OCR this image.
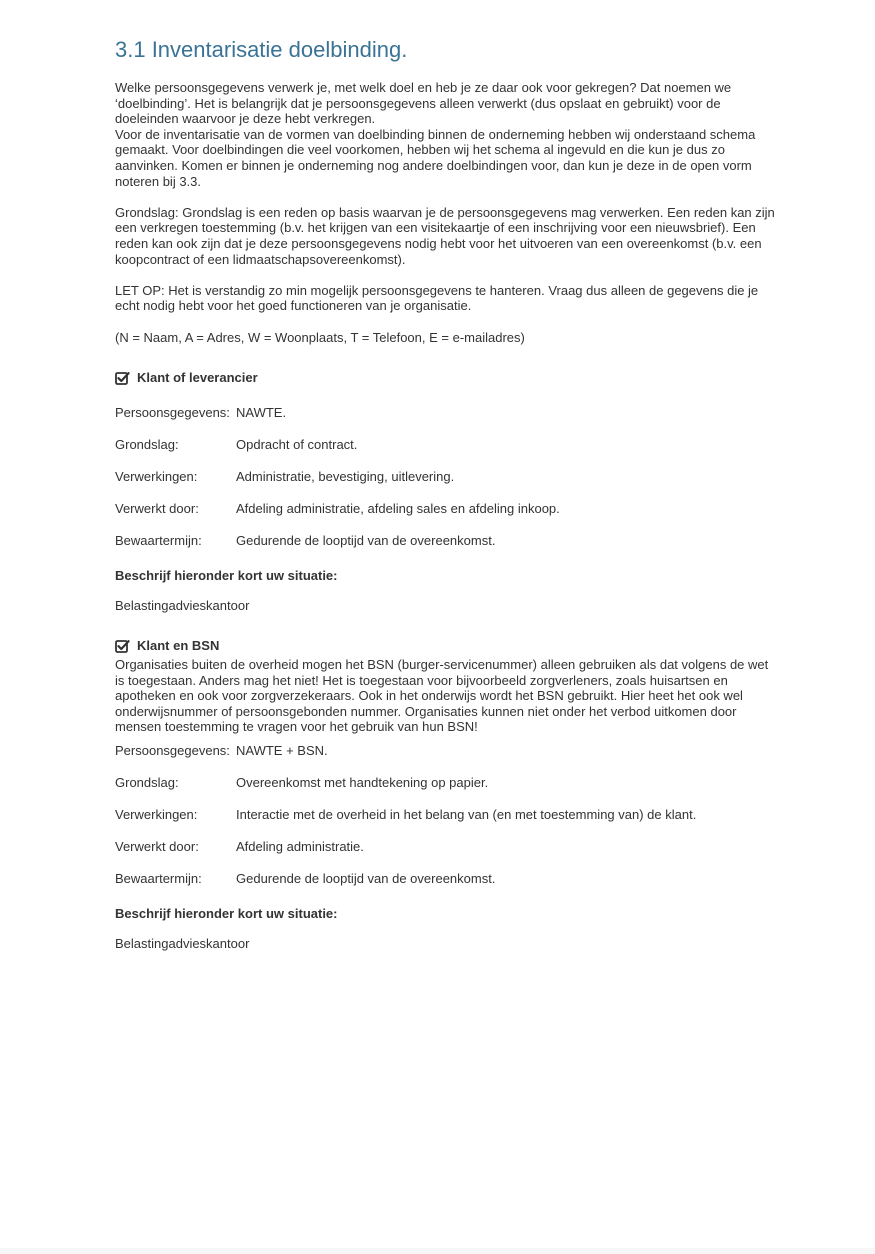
3.1 Inventarisatie doelbinding.

Welke persoonsgegevens verwerk je, met welk doel en heb je ze daar ook voor gekregen? Dat noemen we ‘doelbinding’. Het is belangrijk dat je persoonsgegevens alleen verwerkt (dus opslaat en gebruikt) voor de doeleinden waarvoor je deze hebt verkregen.

Voor de inventarisatie van de vormen van doelbinding binnen de onderneming hebben wij onderstaand schema gemaakt. Voor doelbindingen die veel voorkomen, hebben wij het schema al ingevuld en die kun je dus zo aanvinken. Komen er binnen je onderneming nog andere doelbindingen voor, dan kun je deze in de open vorm noteren bij 3.3.

Grondslag: Grondslag is een reden op basis waarvan je de persoonsgegevens mag verwerken. Een reden kan zijn een verkregen toestemming (b.v. het krijgen van een visitekaartje of een inschrijving voor een nieuwsbrief). Een reden kan ook zijn dat je deze persoonsgegevens nodig hebt voor het uitvoeren van een overeenkomst (b.v. een koopcontract of een lidmaatschapsovereenkomst).

LET OP: Het is verstandig zo min mogelijk persoonsgegevens te hanteren. Vraag dus alleen de gegevens die je echt nodig hebt voor het goed functioneren van je organisatie.

(N = Naam, A = Adres, W = Woonplaats, T = Telefoon, E = e-mailadres)

Klant of leverancier
Persoonsgegevens: NAWTE.
Grondslag:	Opdracht of contract.
Verwerkingen:	Administratie, bevestiging, uitlevering.
Verwerkt door:	Afdeling administratie, afdeling sales en afdeling inkoop.
Bewaartermijn:	Gedurende de looptijd van de overeenkomst.
Beschrijf hieronder kort uw situatie:
Belastingadvieskantoor
Klant en BSN

Organisaties buiten de overheid mogen het BSN (burger-servicenummer) alleen gebruiken als dat volgens de wet is toegestaan. Anders mag het niet! Het is toegestaan voor bijvoorbeeld zorgverleners, zoals huisartsen en apotheken en ook voor zorgverzekeraars. Ook in het onderwijs wordt het BSN gebruikt. Hier heet het ook wel onderwijsnummer of persoonsgebonden nummer. Organisaties kunnen niet onder het verbod uitkomen door mensen toestemming te vragen voor het gebruik van hun BSN!

Persoonsgegevens: NAWTE + BSN.
Grondslag:	Overeenkomst met handtekening op papier.
Verwerkingen:	Interactie met de overheid in het belang van (en met toestemming van) de klant.
Verwerkt door:	Afdeling administratie.
Bewaartermijn:	Gedurende de looptijd van de overeenkomst.
Beschrijf hieronder kort uw situatie:
Belastingadvieskantoor
